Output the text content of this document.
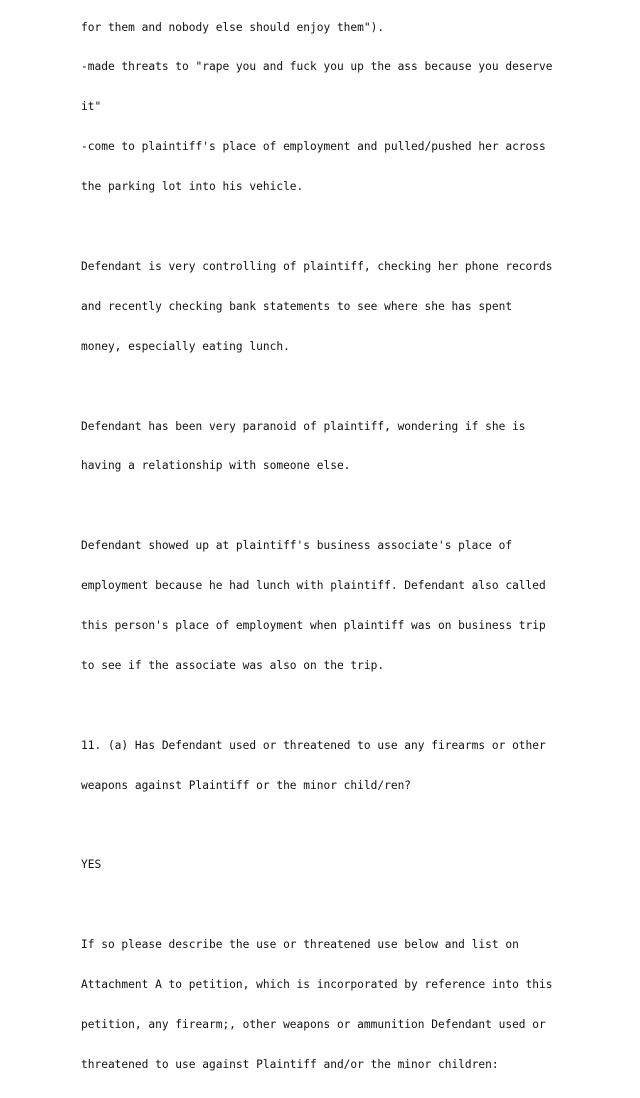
for them and nobody else should enjoy them").

-made threats to "rape you and fuck you up the ass because you deserve

it"

-come to plaintiff's place of employment and pulled/pushed her across

the parking lot into his vehicle.

Defendant is very controlling of plaintiff, checking her phone records

and recently checking bank statements to see where she has spent

money, especially eating lunch.

Defendant has been very paranoid of plaintiff, wondering if she is

having a relationship with someone else.

Defendant showed up at plaintiff's business associate's place of

employment because he had lunch with plaintiff. Defendant also called

this person's place of employment when plaintiff was on business trip

to see if the associate was also on the trip.

11. (a) Has Defendant used or threatened to use any firearms or other

weapons against Plaintiff or the minor child/ren?

YES

If so please describe the use or threatened use below and list on

Attachment A to petition, which is incorporated by reference into this

petition, any firearm;, other weapons or ammunition Defendant used or

threatened to use against Plaintiff and/or the minor children:
